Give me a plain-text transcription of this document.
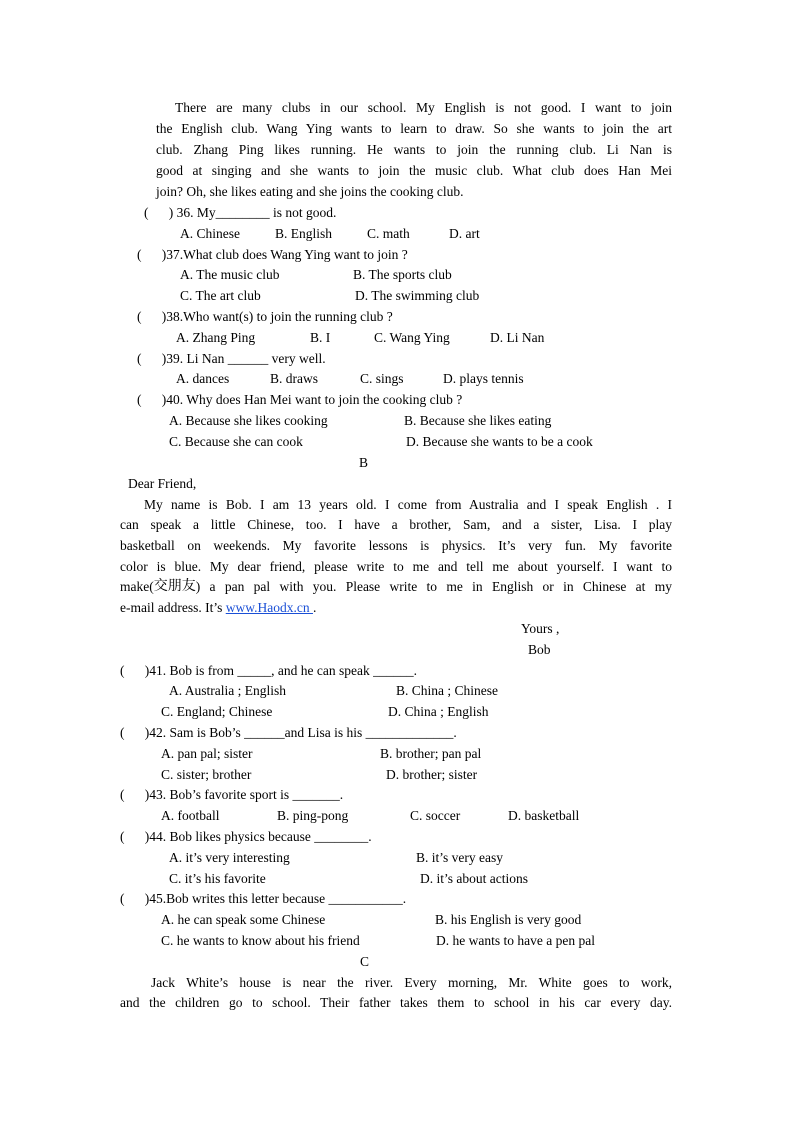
There are many clubs in our school. My English is not good. I want to join
the English club. Wang Ying wants to learn to draw. So she wants to join the art
club. Zhang Ping likes running. He wants to join the running club. Li Nan is
good at singing and she wants to join the music club. What club does Han Mei
join? Oh, she likes eating and she joins the cooking club.
(      ) 36. My________ is not good.
A. Chinese	B. English	C. math	D. art
(      )37.What club does Wang Ying want to join ?
A. The music club	B. The sports club
C. The art club	D. The swimming club
(      )38.Who want(s) to join the running club ?
A. Zhang Ping	B. I	C. Wang Ying	D. Li Nan
(      )39. Li Nan ______ very well.
A. dances	B. draws	C. sings	D. plays tennis
(      )40. Why does Han Mei want to join the cooking club ?
A. Because she likes cooking	B. Because she likes eating
C. Because she can cook	D. Because she wants to be a cook
B
Dear Friend,
My name is Bob. I am 13 years old. I come from Australia and I speak English . I
can speak a little Chinese, too. I have a brother, Sam, and a sister, Lisa. I play
basketball on weekends. My favorite lessons is physics. It’s very fun. My favorite
color is blue. My dear friend, please write to me and tell me about yourself. I want to
make( 交朋友 ) a pan pal with you. Please write to me in English or in Chinese at my
e-mail address. It’s www.Haodx.cn .
Yours ,
Bob
(      )41. Bob is from _____, and he can speak ______.
A. Australia ; English	B. China ; Chinese
C. England; Chinese	D. China ; English
(      )42. Sam is Bob’s ______and Lisa is his _____________.
A. pan pal; sister	B. brother; pan pal
C. sister; brother	D. brother; sister
(      )43. Bob’s favorite sport is _______.
A. football	B. ping-pong	C. soccer	D. basketball
(      )44. Bob likes physics because ________.
A. it’s very interesting	B. it’s very easy
C. it’s his favorite	D. it’s about actions
(      )45.Bob writes this letter because ___________.
A. he can speak some Chinese	B. his English is very good
C. he wants to know about his friend	D. he wants to have a pen pal
C
Jack White’s house is near the river. Every morning, Mr. White goes to work,
and the children go to school. Their father takes them to school in his car every day.
